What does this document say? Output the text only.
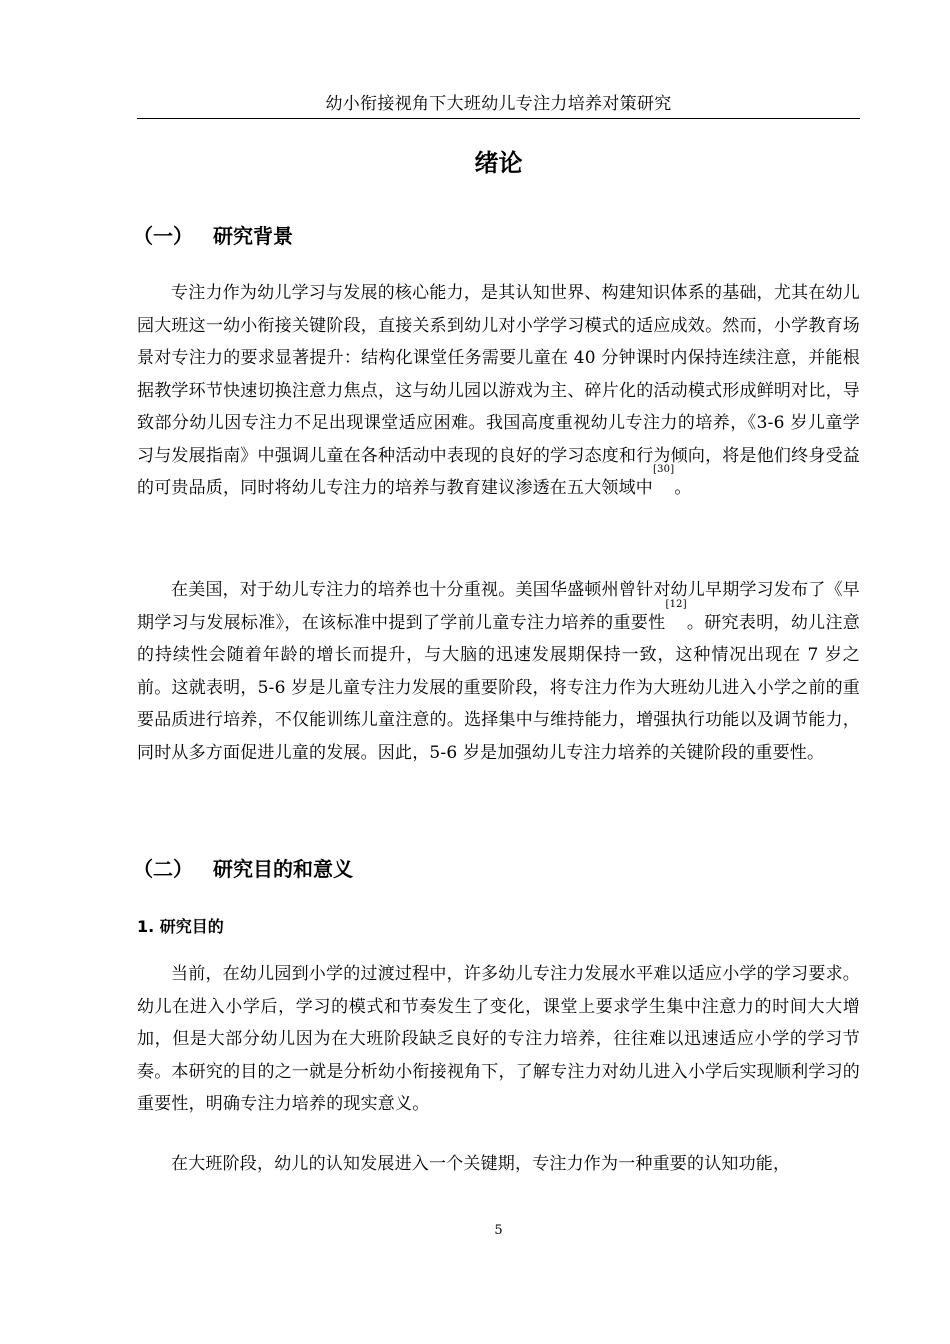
幼小衔接视角下大班幼儿专注力培养对策研究
绪论
（一） 研究背景

专注力作为幼儿学习与发展的核心能力，是其认知世界、构建知识体系的基础，尤其在幼儿园大班这一幼小衔接关键阶段，直接关系到幼儿对小学学习模式的适应成效。然而，小学教育场景对专注力的要求显著提升：结构化课堂任务需要儿童在 40 分钟课时内保持连续注意，并能根据教学环节快速切换注意力焦点，这与幼儿园以游戏为主、碎片化的活动模式形成鲜明对比，导致部分幼儿因专注力不足出现课堂适应困难。我国高度重视幼儿专注力的培养，《3-6 岁儿童学习与发展指南》中强调儿童在各种活动中表现的良好的学习态度和行为倾向，将是他们终身受益的可贵品质，同时将幼儿专注力的培养与教育建议渗透在五大领域中[30]。

在美国，对于幼儿专注力的培养也十分重视。美国华盛顿州曾针对幼儿早期学习发布了《早期学习与发展标准》，在该标准中提到了学前儿童专注力培养的重要性[12]。研究表明，幼儿注意的持续性会随着年龄的增长而提升，与大脑的迅速发展期保持一致，这种情况出现在 7 岁之前。这就表明，5-6 岁是儿童专注力发展的重要阶段，将专注力作为大班幼儿进入小学之前的重要品质进行培养，不仅能训练儿童注意的。选择集中与维持能力，增强执行功能以及调节能力，同时从多方面促进儿童的发展。因此，5-6 岁是加强幼儿专注力培养的关键阶段的重要性。

（二） 研究目的和意义
1. 研究目的

当前，在幼儿园到小学的过渡过程中，许多幼儿专注力发展水平难以适应小学的学习要求。幼儿在进入小学后，学习的模式和节奏发生了变化，课堂上要求学生集中注意力的时间大大增加，但是大部分幼儿因为在大班阶段缺乏良好的专注力培养，往往难以迅速适应小学的学习节奏。本研究的目的之一就是分析幼小衔接视角下，了解专注力对幼儿进入小学后实现顺利学习的重要性，明确专注力培养的现实意义。

在大班阶段，幼儿的认知发展进入一个关键期，专注力作为一种重要的认知功能，

5
